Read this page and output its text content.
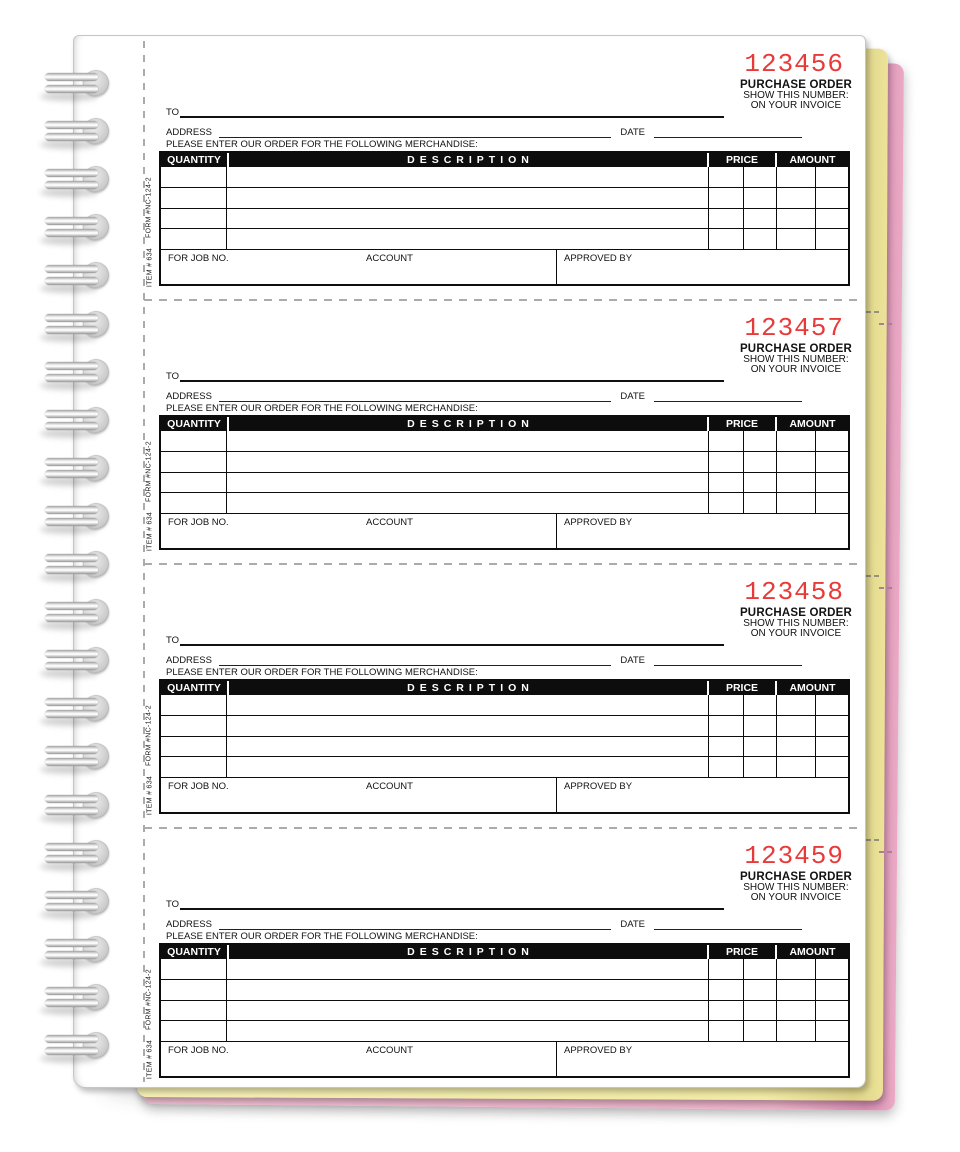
123456
PURCHASE ORDER
SHOW THIS NUMBER:
ON YOUR INVOICE
TO
ADDRESS	DATE
PLEASE ENTER OUR ORDER FOR THE FOLLOWING MERCHANDISE:
FORM #NC-124-2
ITEM # 634
QUANTITY	DESCRIPTION	PRICE	AMOUNT
FOR JOB NO.	ACCOUNT	APPROVED BY
123457
PURCHASE ORDER
SHOW THIS NUMBER:
ON YOUR INVOICE
TO
ADDRESS	DATE
PLEASE ENTER OUR ORDER FOR THE FOLLOWING MERCHANDISE:
FORM #NC-124-2
ITEM # 634
QUANTITY	DESCRIPTION	PRICE	AMOUNT
FOR JOB NO.	ACCOUNT	APPROVED BY
123458
PURCHASE ORDER
SHOW THIS NUMBER:
ON YOUR INVOICE
TO
ADDRESS	DATE
PLEASE ENTER OUR ORDER FOR THE FOLLOWING MERCHANDISE:
FORM #NC-124-2
ITEM # 634
QUANTITY	DESCRIPTION	PRICE	AMOUNT
FOR JOB NO.	ACCOUNT	APPROVED BY
123459
PURCHASE ORDER
SHOW THIS NUMBER:
ON YOUR INVOICE
TO
ADDRESS	DATE
PLEASE ENTER OUR ORDER FOR THE FOLLOWING MERCHANDISE:
FORM #NC-124-2
ITEM # 634
QUANTITY	DESCRIPTION	PRICE	AMOUNT
FOR JOB NO.	ACCOUNT	APPROVED BY
